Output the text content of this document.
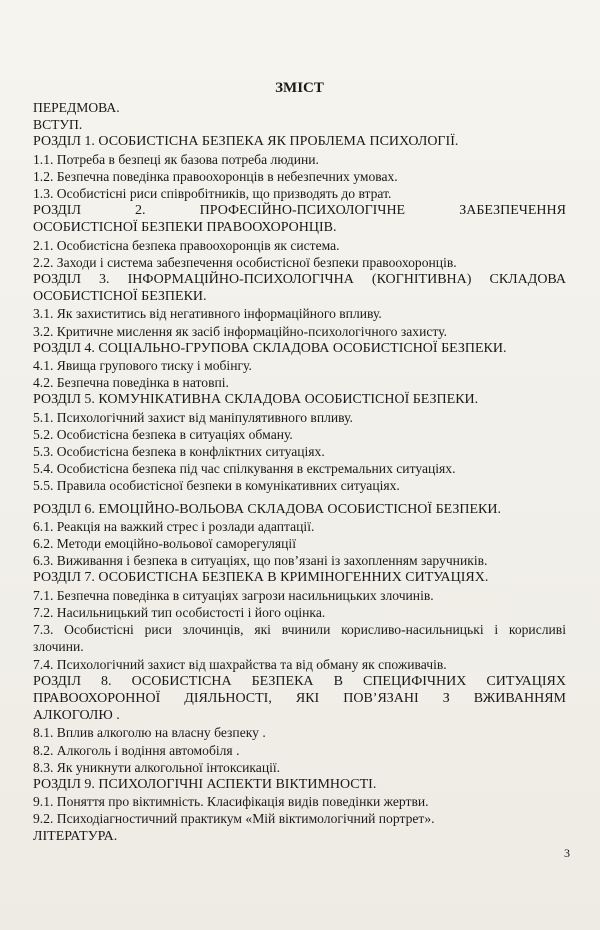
ЗМІСТ
ПЕРЕДМОВА.
ВСТУП.
РОЗДІЛ 1. ОСОБИСТІСНА БЕЗПЕКА ЯК ПРОБЛЕМА ПСИХОЛОГІЇ.
1.1. Потреба в безпеці як базова потреба людини.
1.2. Безпечна поведінка правоохоронців в небезпечних умовах.
1.3. Особистісні риси співробітників, що призводять до втрат.
РОЗДІЛ 2. ПРОФЕСІЙНО-ПСИХОЛОГІЧНЕ ЗАБЕЗПЕЧЕННЯ
ОСОБИСТІСНОЇ БЕЗПЕКИ ПРАВООХОРОНЦІВ.
2.1. Особистісна безпека правоохоронців як система.
2.2. Заходи і система забезпечення особистісної безпеки правоохоронців.
РОЗДІЛ 3. ІНФОРМАЦІЙНО-ПСИХОЛОГІЧНА (КОГНІТИВНА) СКЛАДОВА
ОСОБИСТІСНОЇ БЕЗПЕКИ.
3.1. Як захиститись від негативного інформаційного впливу.
3.2. Критичне мислення як засіб інформаційно-психологічного захисту.
РОЗДІЛ 4. СОЦІАЛЬНО-ГРУПОВА СКЛАДОВА ОСОБИСТІСНОЇ БЕЗПЕКИ.
4.1. Явища групового тиску і мобінгу.
4.2. Безпечна поведінка в натовпі.
РОЗДІЛ 5. КОМУНІКАТИВНА СКЛАДОВА ОСОБИСТІСНОЇ БЕЗПЕКИ.
5.1. Психологічний захист від маніпулятивного впливу.
5.2. Особистісна безпека в ситуаціях обману.
5.3. Особистісна безпека в конфліктних ситуаціях.
5.4. Особистісна безпека під час спілкування в екстремальних ситуаціях.
5.5. Правила особистісної безпеки в комунікативних ситуаціях.
РОЗДІЛ 6. ЕМОЦІЙНО-ВОЛЬОВА СКЛАДОВА ОСОБИСТІСНОЇ БЕЗПЕКИ.
6.1. Реакція на важкий стрес і розлади адаптації.
6.2. Методи емоційно-вольової саморегуляції
6.3. Виживання і безпека в ситуаціях, що пов’язані із захопленням заручників.
РОЗДІЛ 7. ОСОБИСТІСНА БЕЗПЕКА В КРИМІНОГЕННИХ СИТУАЦІЯХ.
7.1. Безпечна поведінка в ситуаціях загрози насильницьких злочинів.
7.2. Насильницький тип особистості і його оцінка.
7.3. Особистісні риси злочинців, які вчинили корисливо-насильницькі і корисливі
злочини.
7.4. Психологічний захист від шахрайства та від обману як споживачів.
РОЗДІЛ 8. ОСОБИСТІСНА БЕЗПЕКА В СПЕЦИФІЧНИХ СИТУАЦІЯХ
ПРАВООХОРОННОЇ ДІЯЛЬНОСТІ, ЯКІ ПОВ’ЯЗАНІ З ВЖИВАННЯМ
АЛКОГОЛЮ .
8.1. Вплив алкоголю на власну безпеку .
8.2. Алкоголь і водіння автомобіля .
8.3. Як уникнути алкогольної інтоксикації.
РОЗДІЛ 9. ПСИХОЛОГІЧНІ АСПЕКТИ ВІКТИМНОСТІ.
9.1. Поняття про віктимність. Класифікація видів поведінки жертви.
9.2. Психодіагностичний практикум «Мій віктимологічний портрет».
ЛІТЕРАТУРА.
3
